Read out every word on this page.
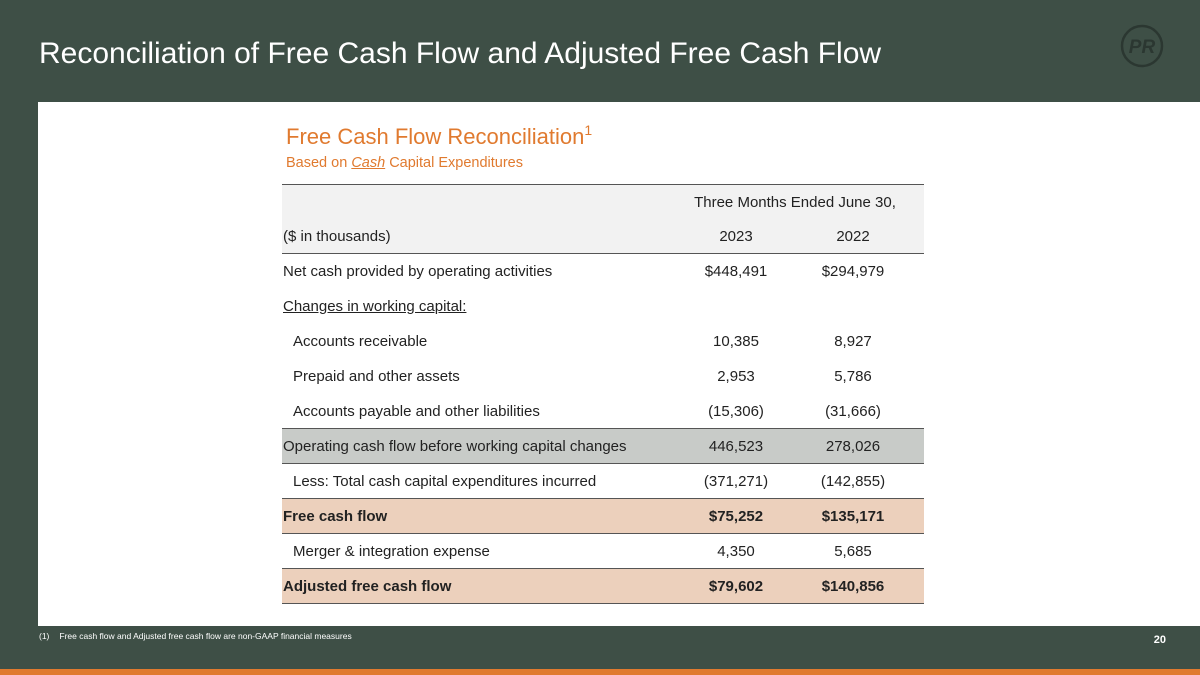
Reconciliation of Free Cash Flow and Adjusted Free Cash Flow	PR
Free Cash Flow Reconciliation$^1$
Based on Cash Capital Expenditures
Three Months Ended June 30,
($ in thousands)	2023	2022
Net cash provided by operating activities	$448,491	$294,979
Changes in working capital:
Accounts receivable	10,385	8,927
Prepaid and other assets	2,953	5,786
Accounts payable and other liabilities	(15,306)	(31,666)
Operating cash flow before working capital changes	446,523	278,026
Less: Total cash capital expenditures incurred	(371,271)	(142,855)
Free cash flow	$75,252	$135,171
Merger & integration expense	4,350	5,685
Adjusted free cash flow	$79,602	$140,856
(1) Free cash flow and Adjusted free cash flow are non-GAAP financial measures	20
